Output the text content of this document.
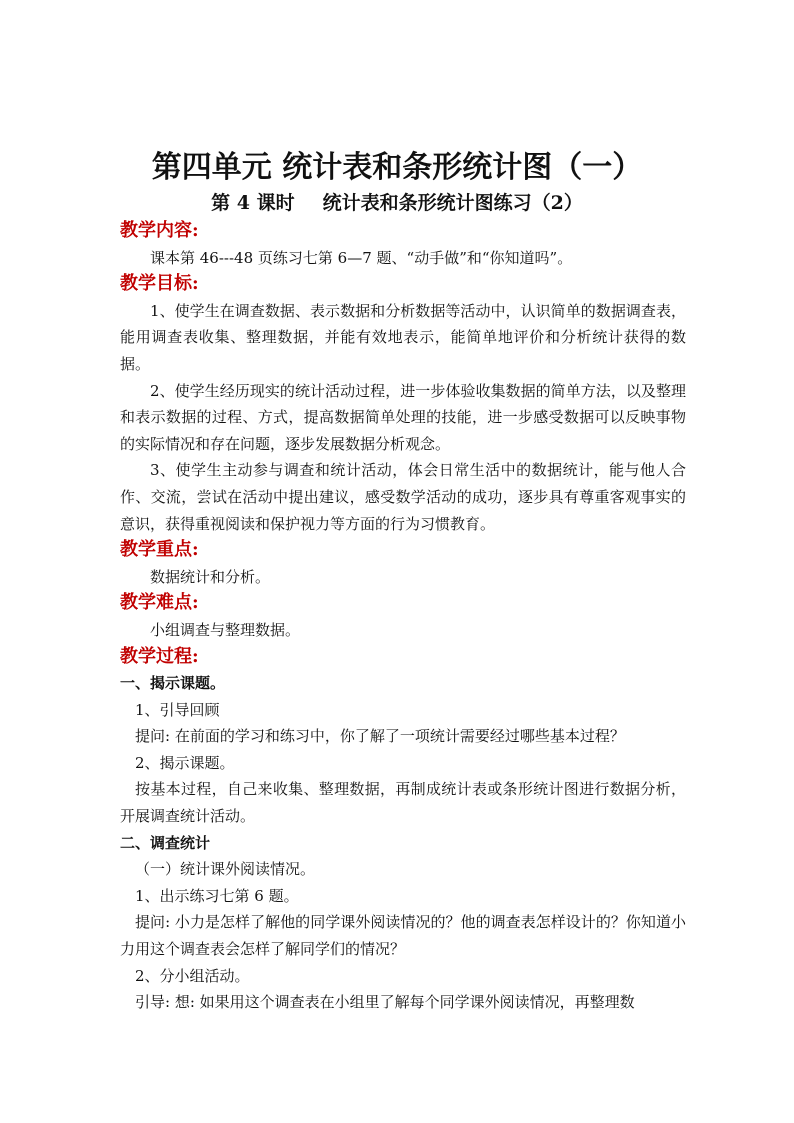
第四单元 统计表和条形统计图（一）
第 4 课时 统计表和条形统计图练习（2）
教学内容:
课本第 46---48 页练习七第 6—7 题、“动手做”和“你知道吗”。
教学目标:

1、使学生在调查数据、表示数据和分析数据等活动中，认识简单的数据调查表，能用调查表收集、整理数据，并能有效地表示，能简单地评价和分析统计获得的数据。

2、使学生经历现实的统计活动过程，进一步体验收集数据的简单方法，以及整理和表示数据的过程、方式，提高数据简单处理的技能，进一步感受数据可以反映事物的实际情况和存在问题，逐步发展数据分析观念。

3、使学生主动参与调查和统计活动，体会日常生活中的数据统计，能与他人合作、交流，尝试在活动中提出建议，感受数学活动的成功，逐步具有尊重客观事实的意识，获得重视阅读和保护视力等方面的行为习惯教育。

教学重点:
数据统计和分析。
教学难点:
小组调查与整理数据。
教学过程:
一、揭示课题。
1、引导回顾
提问: 在前面的学习和练习中，你了解了一项统计需要经过哪些基本过程？
2、揭示课题。

按基本过程，自己来收集、整理数据，再制成统计表或条形统计图进行数据分析，开展调查统计活动。

二、调查统计
（一）统计课外阅读情况。
1、出示练习七第 6 题。

提问: 小力是怎样了解他的同学课外阅读情况的？他的调查表怎样设计的？你知道小力用这个调查表会怎样了解同学们的情况？

2、分小组活动。
引导: 想: 如果用这个调查表在小组里了解每个同学课外阅读情况，再整理数
